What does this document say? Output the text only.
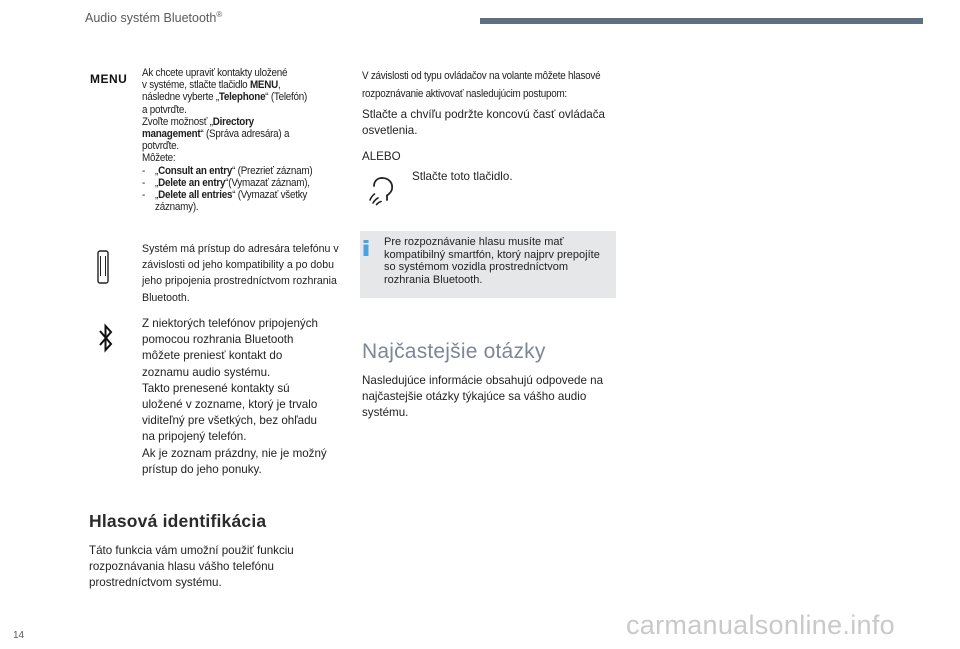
Audio systém Bluetooth®
MENU Ak chcete upraviť kontakty uložené
v systéme, stlačte tlačidlo MENU,
následne vyberte „Telephone“ (Telefón)
a potvrďte.
Zvoľte možnosť „Directory
management“ (Správa adresára) a
potvrďte.
Môžete:
- „Consult an entry“ (Prezrieť záznam)
- „Delete an entry“(Vymazať záznam),
- „Delete all entries“ (Vymazať všetky
záznamy).
Systém má prístup do adresára telefónu v závislosti od jeho kompatibility a po dobu jeho pripojenia prostredníctvom rozhrania Bluetooth.
Z niektorých telefónov pripojených
pomocou rozhrania Bluetooth
môžete preniesť kontakt do
zoznamu audio systému.
Takto prenesené kontakty sú
uložené v zozname, ktorý je trvalo
viditeľný pre všetkých, bez ohľadu
na pripojený telefón.
Ak je zoznam prázdny, nie je možný
prístup do jeho ponuky.
Hlasová identifikácia
Táto funkcia vám umožní použiť funkciu rozpoznávania hlasu vášho telefónu prostredníctvom systému.
V závislosti od typu ovládačov na volante môžete hlasové
rozpoznávanie aktivovať nasledujúcim postupom:
Stlačte a chvíľu podržte koncovú časť ovládača osvetlenia.
ALEBO
Stlačte toto tlačidlo.
Pre rozpoznávanie hlasu musíte mať kompatibilný smartfón, ktorý najprv prepojíte so systémom vozidla prostredníctvom rozhrania Bluetooth.
Najčastejšie otázky
Nasledujúce informácie obsahujú odpovede na najčastejšie otázky týkajúce sa vášho audio systému.
14	carmanualsonline.info
